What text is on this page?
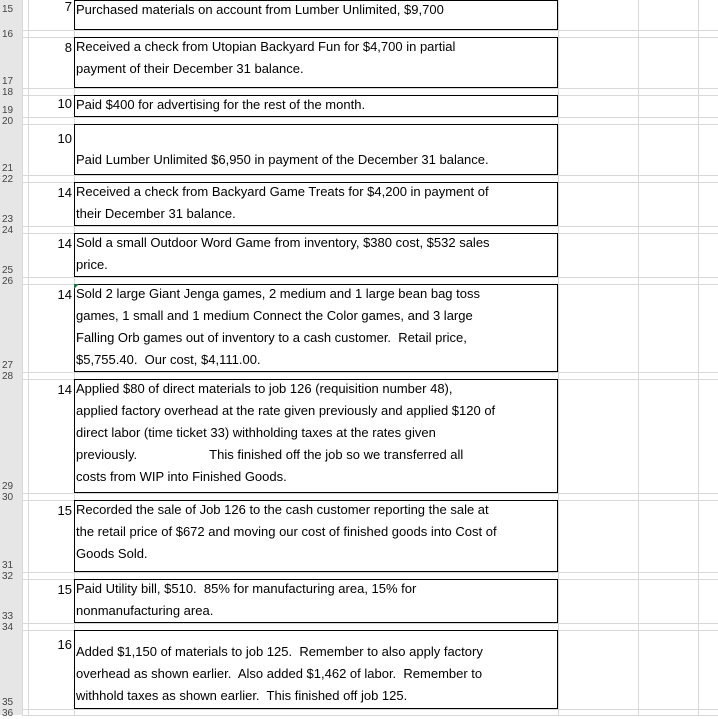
15
16
17
18
19
20
21
22
23
24
25
26
27
28
29
30
31
32
33
34
35
36
7 Purchased materials on account from Lumber Unlimited, $9,700
8 Received a check from Utopian Backyard Fun for $4,700 in partial
payment of their December 31 balance.
10 Paid $400 for advertising for the rest of the month.
10
Paid Lumber Unlimited $6,950 in payment of the December 31 balance.
14 Received a check from Backyard Game Treats for $4,200 in payment of
their December 31 balance.
14 Sold a small Outdoor Word Game from inventory, $380 cost, $532 sales
price.
14 Sold 2 large Giant Jenga games, 2 medium and 1 large bean bag toss
games, 1 small and 1 medium Connect the Color games, and 3 large
Falling Orb games out of inventory to a cash customer.  Retail price,
$5,755.40.  Our cost, $4,111.00.
14 Applied $80 of direct materials to job 126 (requisition number 48),
applied factory overhead at the rate given previously and applied $120 of
direct labor (time ticket 33) withholding taxes at the rates given
previously.                    This finished off the job so we transferred all
costs from WIP into Finished Goods.
15 Recorded the sale of Job 126 to the cash customer reporting the sale at
the retail price of $672 and moving our cost of finished goods into Cost of
Goods Sold.
15 Paid Utility bill, $510.  85% for manufacturing area, 15% for
nonmanufacturing area.
16 Added $1,150 of materials to job 125.  Remember to also apply factory
overhead as shown earlier.  Also added $1,462 of labor.  Remember to
withhold taxes as shown earlier.  This finished off job 125.
